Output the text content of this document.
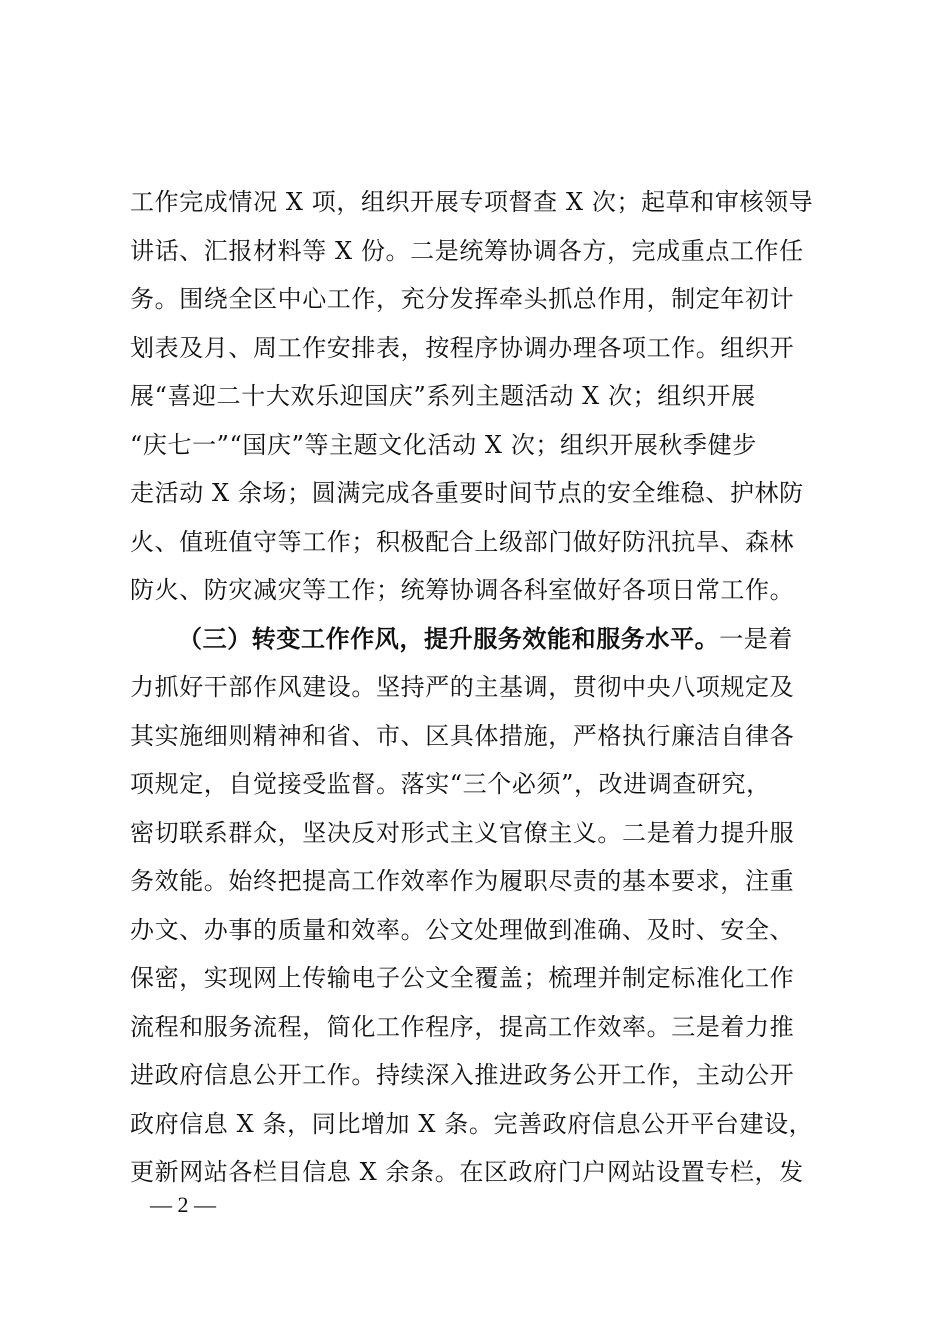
工作完成情况 X 项，组织开展专项督查 X 次；起草和审核领导
讲话、汇报材料等 X 份。二是统筹协调各方，完成重点工作任
务。围绕全区中心工作，充分发挥牵头抓总作用，制定年初计
划表及月、周工作安排表，按程序协调办理各项工作。组织开
展“喜迎二十大欢乐迎国庆”系列主题活动 X 次；组织开展
“庆七一”“国庆”等主题文化活动 X 次；组织开展秋季健步
走活动 X 余场；圆满完成各重要时间节点的安全维稳、护林防
火、值班值守等工作；积极配合上级部门做好防汛抗旱、森林
防火、防灾减灾等工作；统筹协调各科室做好各项日常工作。
（三）转变工作作风，提升服务效能和服务水平。一是着
力抓好干部作风建设。坚持严的主基调，贯彻中央八项规定及
其实施细则精神和省、市、区具体措施，严格执行廉洁自律各
项规定，自觉接受监督。落实“三个必须”，改进调查研究，
密切联系群众，坚决反对形式主义官僚主义。二是着力提升服
务效能。始终把提高工作效率作为履职尽责的基本要求，注重
办文、办事的质量和效率。公文处理做到准确、及时、安全、
保密，实现网上传输电子公文全覆盖；梳理并制定标准化工作
流程和服务流程，简化工作程序，提高工作效率。三是着力推
进政府信息公开工作。持续深入推进政务公开工作，主动公开
政府信息 X 条，同比增加 X 条。完善政府信息公开平台建设，
更新网站各栏目信息 X 余条。在区政府门户网站设置专栏，发
— 2 —
